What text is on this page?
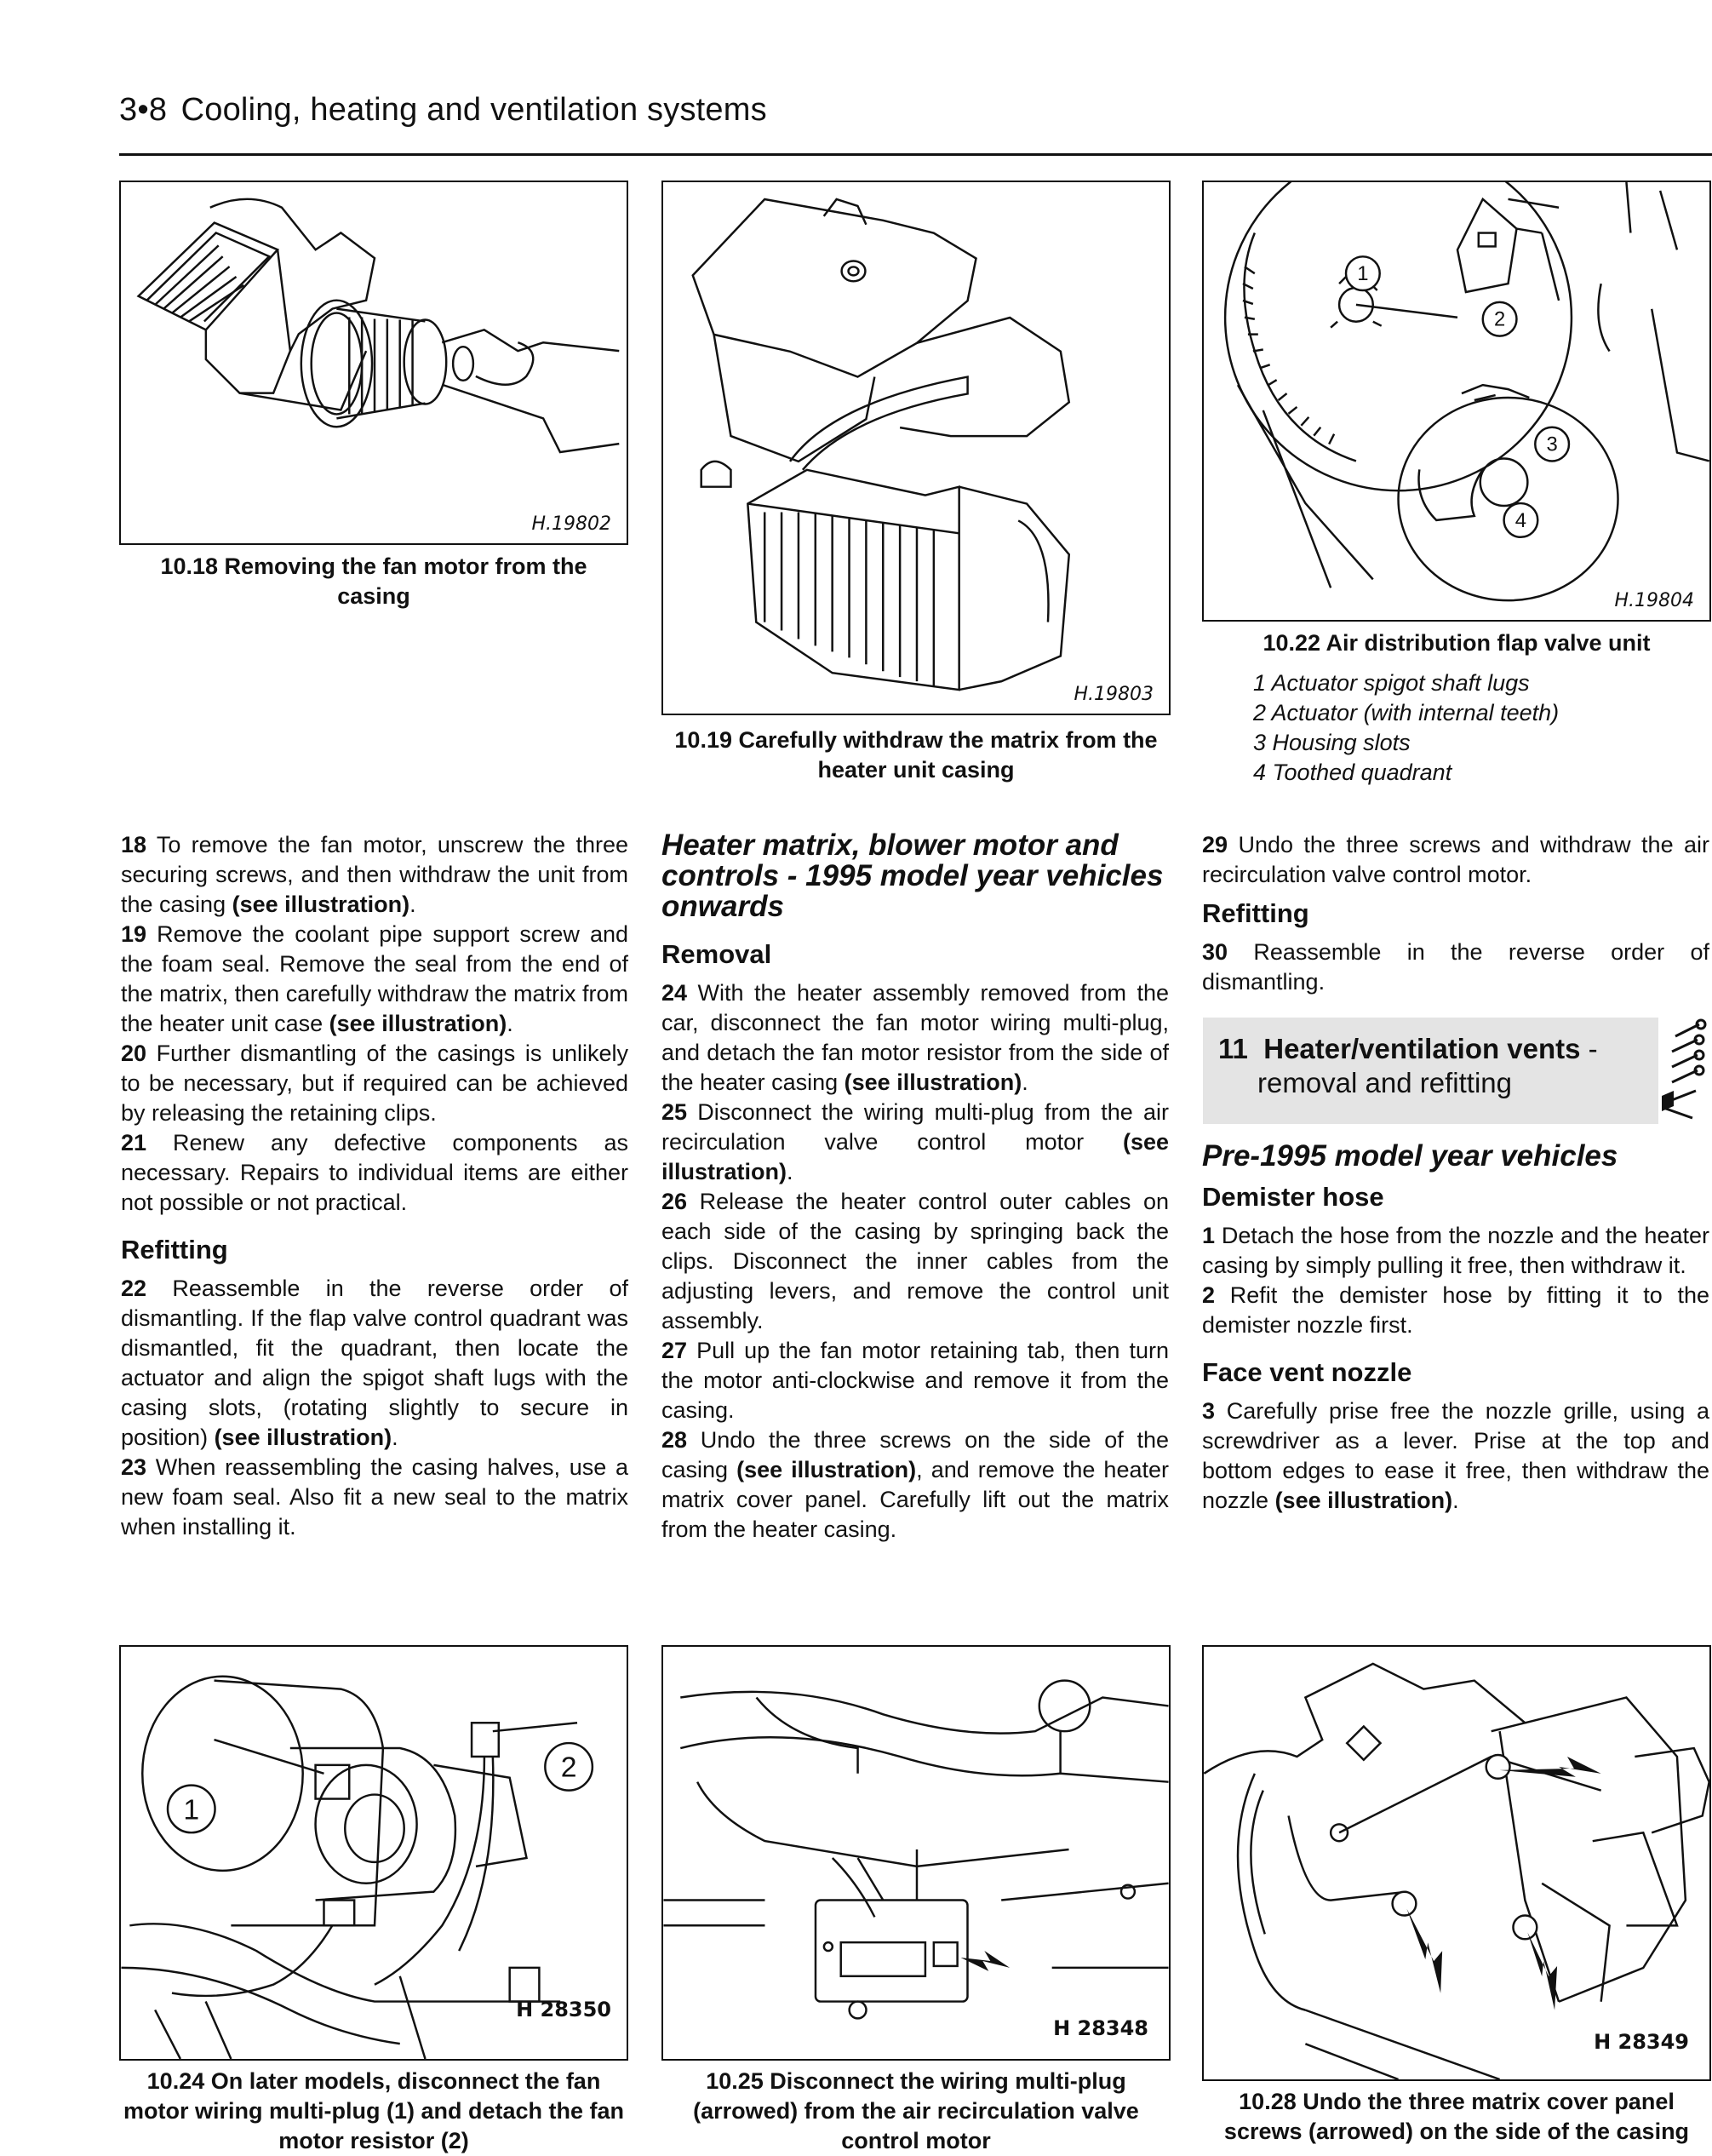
3•8 Cooling, heating and ventilation systems
H.19802
10.18 Removing the fan motor from the casing
H.19803
10.19 Carefully withdraw the matrix from the heater unit casing
1
2
3
4
H.19804
10.22 Air distribution flap valve unit
1 Actuator spigot shaft lugs
2 Actuator (with internal teeth)
3 Housing slots
4 Toothed quadrant

18 To remove the fan motor, unscrew the three securing screws, and then withdraw the unit from the casing (see illustration).

19 Remove the coolant pipe support screw and the foam seal. Remove the seal from the end of the matrix, then carefully withdraw the matrix from the heater unit case (see illustration).

20 Further dismantling of the casings is unlikely to be necessary, but if required can be achieved by releasing the retaining clips.

21 Renew any defective components as necessary. Repairs to individual items are either not possible or not practical.

Refitting

22 Reassemble in the reverse order of dismantling. If the flap valve control quadrant was dismantled, fit the quadrant, then locate the actuator and align the spigot shaft lugs with the casing slots, (rotating slightly to secure in position) (see illustration).

23 When reassembling the casing halves, use a new foam seal. Also fit a new seal to the matrix when installing it.

Heater matrix, blower motor and controls - 1995 model year vehicles onwards
Removal

24 With the heater assembly removed from the car, disconnect the fan motor wiring multi-plug, and detach the fan motor resistor from the side of the heater casing (see illustration).

25 Disconnect the wiring multi-plug from the air recirculation valve control motor (see illustration).

26 Release the heater control outer cables on each side of the casing by springing back the clips. Disconnect the inner cables from the adjusting levers, and remove the control unit assembly.

27 Pull up the fan motor retaining tab, then turn the motor anti-clockwise and remove it from the casing.

28 Undo the three screws on the side of the casing (see illustration), and remove the heater matrix cover panel. Carefully lift out the matrix from the heater casing.

29 Undo the three screws and withdraw the air recirculation valve control motor.

Refitting

30 Reassemble in the reverse order of dismantling.

11 Heater/ventilation vents -
removal and refitting
Pre-1995 model year vehicles
Demister hose

1 Detach the hose from the nozzle and the heater casing by simply pulling it free, then withdraw it.

2 Refit the demister hose by fitting it to the demister nozzle first.

Face vent nozzle

3 Carefully prise free the nozzle grille, using a screwdriver as a lever. Prise at the top and bottom edges to ease it free, then withdraw the nozzle (see illustration).

1
2
H 28350
10.24 On later models, disconnect the fan motor wiring multi-plug (1) and detach the fan motor resistor (2)
H 28348
10.25 Disconnect the wiring multi-plug (arrowed) from the air recirculation valve control motor
H 28349
10.28 Undo the three matrix cover panel screws (arrowed) on the side of the casing
